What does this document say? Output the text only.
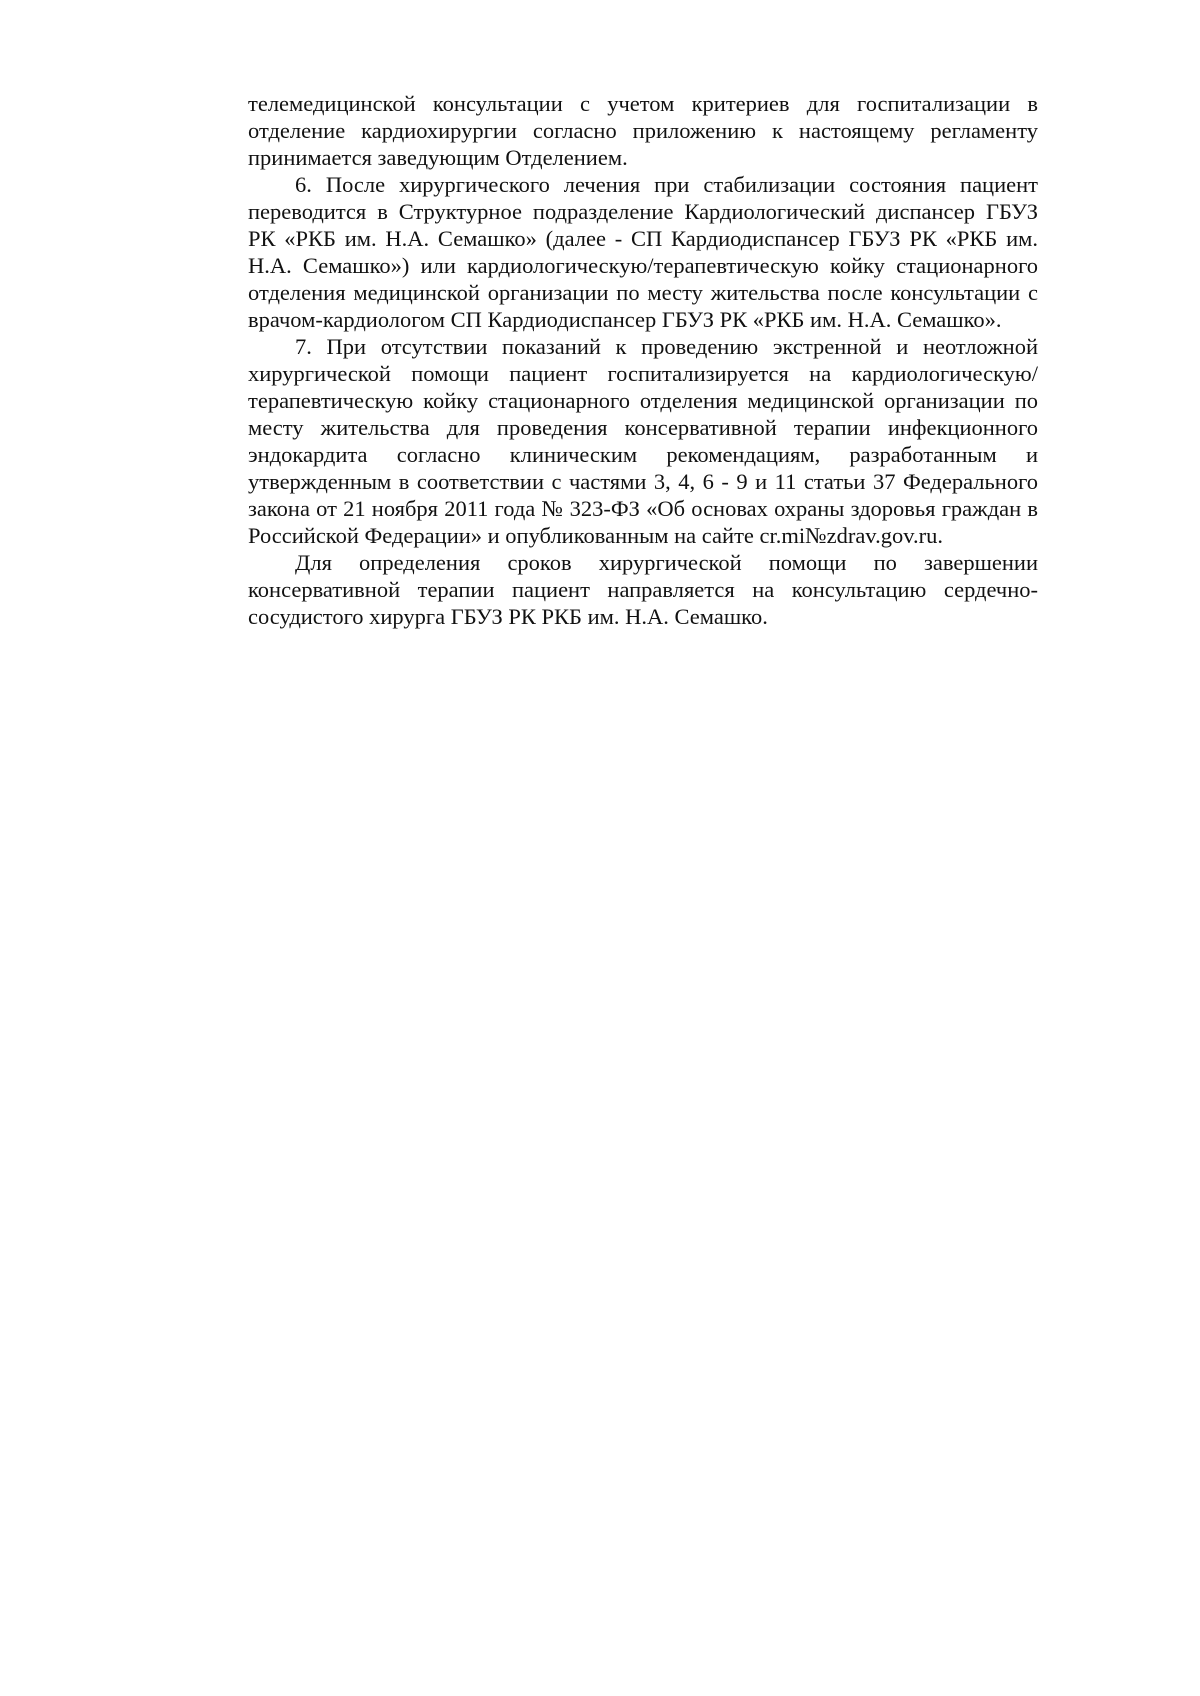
телемедицинской консультации с учетом критериев для госпитализации в отделение кардиохирургии согласно приложению к настоящему регламенту принимается заведующим Отделением.

6. После хирургического лечения при стабилизации состояния пациент переводится в Структурное подразделение Кардиологический диспансер ГБУЗ РК «РКБ им. Н.А. Семашко» (далее - СП Кардиодиспансер ГБУЗ РК «РКБ им. Н.А. Семашко») или кардиологическую/терапевтическую койку стационарного отделения медицинской организации по месту жительства после консультации с врачом-кардиологом СП Кардиодиспансер ГБУЗ РК «РКБ им. Н.А. Семашко».

7. При отсутствии показаний к проведению экстренной и неотложной хирургической помощи пациент госпитализируется на кардиологическую/терапевтическую койку стационарного отделения медицинской организации по месту жительства для проведения консервативной терапии инфекционного эндокардита согласно клиническим рекомендациям, разработанным и утвержденным в соответствии с частями 3, 4, 6 - 9 и 11 статьи 37 Федерального закона от 21 ноября 2011 года № 323-ФЗ «Об основах охраны здоровья граждан в Российской Федерации» и опубликованным на сайте cr.mi№zdrav.gov.ru.

Для определения сроков хирургической помощи по завершении консервативной терапии пациент направляется на консультацию сердечно-сосудистого хирурга ГБУЗ РК РКБ им. Н.А. Семашко.
